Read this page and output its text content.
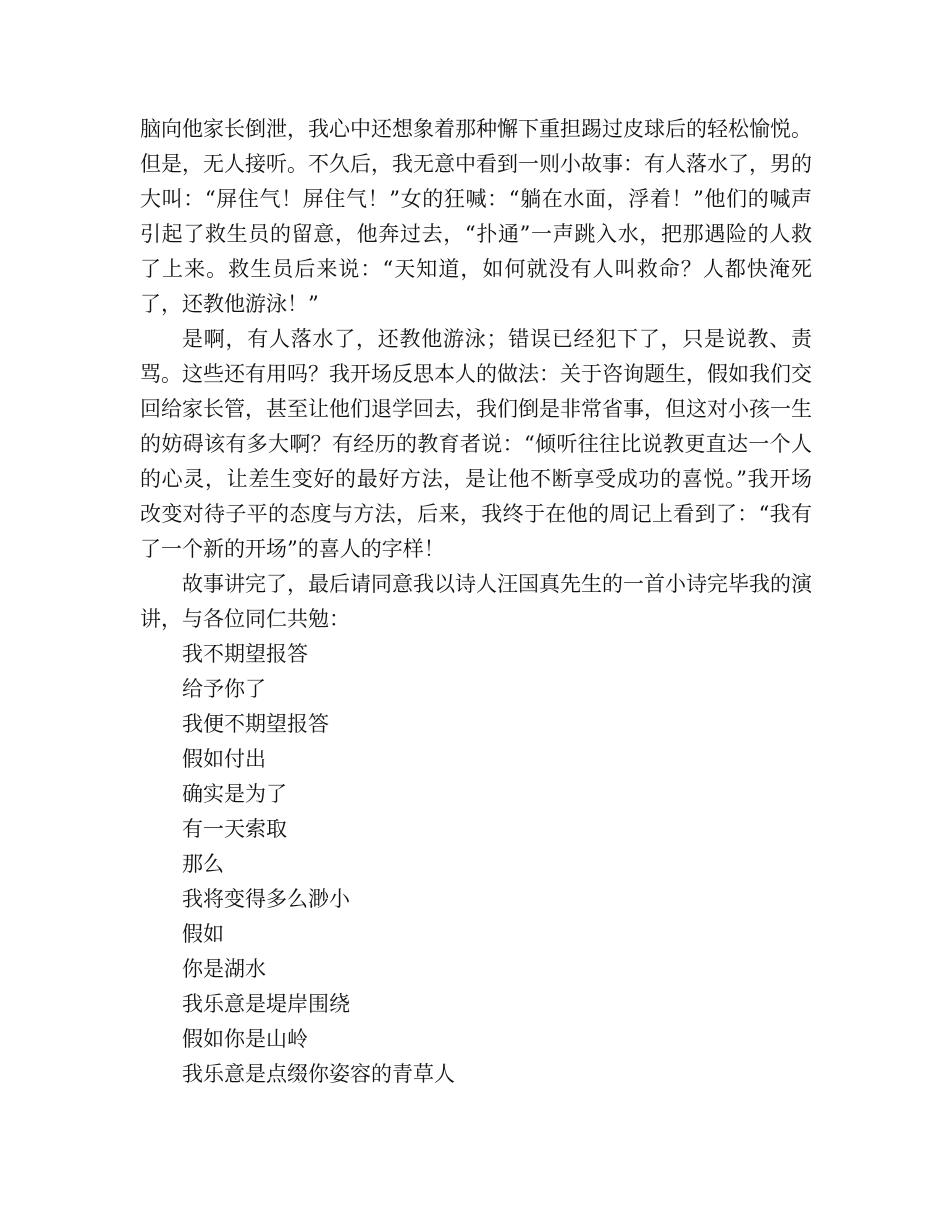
脑向他家长倒泄，我心中还想象着那种懈下重担踢过皮球后的轻松愉悦。但是，无人接听。不久后，我无意中看到一则小故事：有人落水了，男的大叫：“屏住气！屏住气！”女的狂喊：“躺在水面，浮着！”他们的喊声引起了救生员的留意，他奔过去，“扑通”一声跳入水，把那遇险的人救了上来。救生员后来说：“天知道，如何就没有人叫救命？人都快淹死了，还教他游泳！”

是啊，有人落水了，还教他游泳；错误已经犯下了，只是说教、责骂。这些还有用吗？我开场反思本人的做法：关于咨询题生，假如我们交回给家长管，甚至让他们退学回去，我们倒是非常省事，但这对小孩一生的妨碍该有多大啊？有经历的教育者说：“倾听往往比说教更直达一个人的心灵，让差生变好的最好方法，是让他不断享受成功的喜悦。”我开场改变对待子平的态度与方法，后来，我终于在他的周记上看到了：“我有了一个新的开场”的喜人的字样！

故事讲完了，最后请同意我以诗人汪国真先生的一首小诗完毕我的演讲，与各位同仁共勉：

我不期望报答
给予你了
我便不期望报答
假如付出
确实是为了
有一天索取
那么
我将变得多么渺小
假如
你是湖水
我乐意是堤岸围绕
假如你是山岭
我乐意是点缀你姿容的青草人
